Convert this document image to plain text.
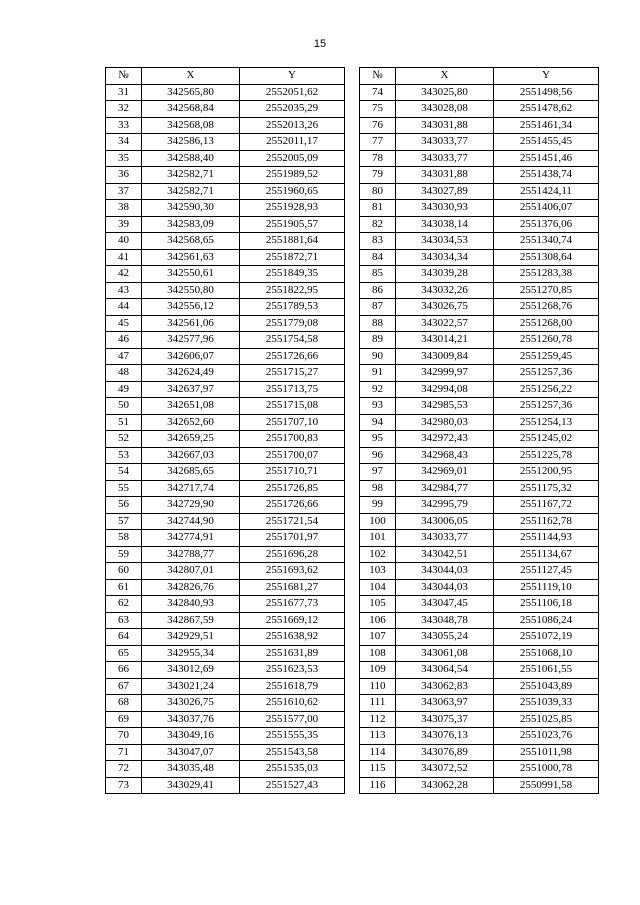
15
№	X	Y		№	X	Y
31	342565,80	2552051,62		74	343025,80	2551498,56
32	342568,84	2552035,29		75	343028,08	2551478,62
33	342568,08	2552013,26		76	343031,88	2551461,34
34	342586,13	2552011,17		77	343033,77	2551455,45
35	342588,40	2552005,09		78	343033,77	2551451,46
36	342582,71	2551989,52		79	343031,88	2551438,74
37	342582,71	2551960,65		80	343027,89	2551424,11
38	342590,30	2551928,93		81	343030,93	2551406,07
39	342583,09	2551905,57		82	343038,14	2551376,06
40	342568,65	2551881,64		83	343034,53	2551340,74
41	342561,63	2551872,71		84	343034,34	2551308,64
42	342550,61	2551849,35		85	343039,28	2551283,38
43	342550,80	2551822,95		86	343032,26	2551270,85
44	342556,12	2551789,53		87	343026,75	2551268,76
45	342561,06	2551779,08		88	343022,57	2551268,00
46	342577,96	2551754,58		89	343014,21	2551260,78
47	342606,07	2551726,66		90	343009,84	2551259,45
48	342624,49	2551715,27		91	342999,97	2551257,36
49	342637,97	2551713,75		92	342994,08	2551256,22
50	342651,08	2551715,08		93	342985,53	2551257,36
51	342652,60	2551707,10		94	342980,03	2551254,13
52	342659,25	2551700,83		95	342972,43	2551245,02
53	342667,03	2551700,07		96	342968,43	2551225,78
54	342685,65	2551710,71		97	342969,01	2551200,95
55	342717,74	2551726,85		98	342984,77	2551175,32
56	342729,90	2551726,66		99	342995,79	2551167,72
57	342744,90	2551721,54		100	343006,05	2551162,78
58	342774,91	2551701,97		101	343033,77	2551144,93
59	342788,77	2551696,28		102	343042,51	2551134,67
60	342807,01	2551693,62		103	343044,03	2551127,45
61	342826,76	2551681,27		104	343044,03	2551119,10
62	342840,93	2551677,73		105	343047,45	2551106,18
63	342867,59	2551669,12		106	343048,78	2551086,24
64	342929,51	2551638,92		107	343055,24	2551072,19
65	342955,34	2551631,89		108	343061,08	2551068,10
66	343012,69	2551623,53		109	343064,54	2551061,55
67	343021,24	2551618,79		110	343062,83	2551043,89
68	343026,75	2551610,62		111	343063,97	2551039,33
69	343037,76	2551577,00		112	343075,37	2551025,85
70	343049,16	2551555,35		113	343076,13	2551023,76
71	343047,07	2551543,58		114	343076,89	2551011,98
72	343035,48	2551535,03		115	343072,52	2551000,78
73	343029,41	2551527,43		116	343062,28	2550991,58
